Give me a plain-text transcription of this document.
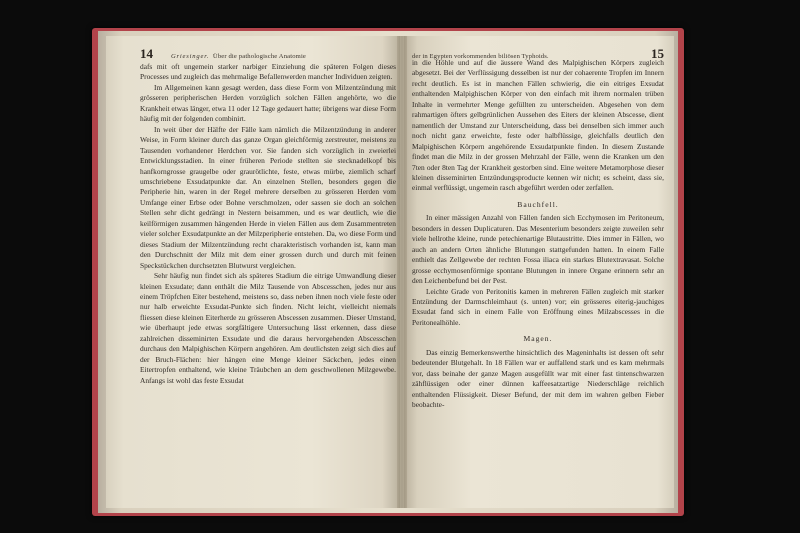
14	Griesinger. Über die pathologische Anatomie

dafs mit oft ungemein starker narbiger Einziehung die späteren Folgen dieses Processes und zugleich das mehrmalige Befallenwerden mancher Individuen zeigten.

Im Allgemeinen kann gesagt werden, dass diese Form von Milzentzündung mit grösseren peripherischen Herden vorzüglich solchen Fällen angehörte, wo die Krankheit etwas länger, etwa 11 oder 12 Tage gedauert hatte; übrigens war diese Form häufig mit der folgenden combinirt.

In weit über der Hälfte der Fälle kam nämlich die Milzentzündung in anderer Weise, in Form kleiner durch das ganze Organ gleichförmig zerstreuter, meistens zu Tausenden vorhandener Herdchen vor. Sie fanden sich vorzüglich in zweierlei Entwicklungsstadien. In einer früheren Periode stellten sie stecknadelkopf bis hanfkorngrosse graugelbe oder graurötlichte, feste, etwas mürbe, ziemlich scharf umschriebene Exsudatpunkte dar. An einzelnen Stellen, besonders gegen die Peripherie hin, waren in der Regel mehrere derselben zu grösseren Herden vom Umfange einer Erbse oder Bohne verschmolzen, oder sassen sie doch an solchen Stellen sehr dicht gedrängt in Nestern beisammen, und es war deutlich, wie die keilförmigen zusammen hängenden Herde in vielen Fällen aus dem Zusammentreten vieler solcher Exsudatpunkte an der Milzperipherie entstehen. Da, wo diese Form und dieses Stadium der Milzentzündung recht charakteristisch vorhanden ist, kann man den Durchschnitt der Milz mit dem einer grossen durch und durch mit feinen Speckstückchen durchsetzten Blutwurst vergleichen.

Sehr häufig nun findet sich als späteres Stadium die eitrige Umwandlung dieser kleinen Exsudate; dann enthält die Milz Tausende von Abscesschen, jedes nur aus einem Tröpfchen Eiter bestehend, meistens so, dass neben ihnen noch viele feste oder nur halb erweichte Exsudat-Punkte sich finden. Nicht leicht, vielleicht niemals fliessen diese kleinen Eiterherde zu grösseren Abscessen zusammen. Dieser Umstand, wie überhaupt jede etwas sorgfältigere Untersuchung lässt erkennen, dass diese zahlreichen disseminirten Exsudate und die daraus hervorgehenden Abscesschen durchaus den Malpighischen Körpern angehören. Am deutlichsten zeigt sich dies auf der Bruch-Flächen: hier hängen eine Menge kleiner Säckchen, jedes einen Eitertropfen enthaltend, wie kleine Träubchen an dem geschwollenen Milzgewebe. Anfangs ist wohl das feste Exsudat

der in Egypten vorkommenden biliösen Typhoids.	15

in die Höhle und auf die äussere Wand des Malpighischen Körpers zugleich abgesetzt. Bei der Verflüssigung desselben ist nur der cohaerente Tropfen im Innern recht deutlich. Es ist in manchen Fällen schwierig, die ein eitriges Exsudat enthaltenden Malpighischen Körper von den einfach mit ihrem normalen trüben Inhalte in vermehrter Menge gefüllten zu unterscheiden. Abgesehen von dem rahmartigen öfters gelbgrünlichen Aussehen des Eiters der kleinen Abscesse, dient namentlich der Umstand zur Unterscheidung, dass bei denselben sich immer auch noch nicht ganz erweichte, feste oder halbflüssige, gleichfalls deutlich den Malpighischen Körpern angehörende Exsudatpunkte finden. In diesem Zustande findet man die Milz in der grossen Mehrzahl der Fälle, wenn die Kranken um den 7ten oder 8ten Tag der Krankheit gestorben sind. Eine weitere Metamorphose dieser kleinen disseminirten Entzündungsproducte kennen wir nicht; es scheint, dass sie, einmal verflüssigt, ungemein rasch abgeführt werden oder zerfallen.

Bauchfell.

In einer mässigen Anzahl von Fällen fanden sich Ecchymosen im Peritoneum, besonders in dessen Duplicaturen. Das Mesenterium besonders zeigte zuweilen sehr viele hellrothe kleine, runde petechienartige Blutaustritte. Dies immer in Fällen, wo auch an andern Orten ähnliche Blutungen stattgefunden hatten. In einem Falle enthielt das Zellgewebe der rechten Fossa iliaca ein starkes Blutextravasat. Solche grosse ecchymosenförmige spontane Blutungen in innere Organe erinnern sehr an den Leichenbefund bei der Pest.

Leichte Grade von Peritonitis kamen in mehreren Fällen zugleich mit starker Entzündung der Darmschleimhaut (s. unten) vor; ein grösseres eiterig-jauchiges Exsudat fand sich in einem Falle von Eröffnung eines Milzabscesses in die Peritonealhöhle.

Magen.

Das einzig Bemerkenswerthe hinsichtlich des Mageninhalts ist dessen oft sehr bedeutender Blutgehalt. In 18 Fällen war er auffallend stark und es kam mehrmals vor, dass beinahe der ganze Magen ausgefüllt war mit einer fast tintenschwarzen zähflüssigen oder einer dünnen kaffeesatzartige Niederschläge reichlich enthaltenden Flüssigkeit. Dieser Befund, der mit dem im wahren gelben Fieber beobachte-
